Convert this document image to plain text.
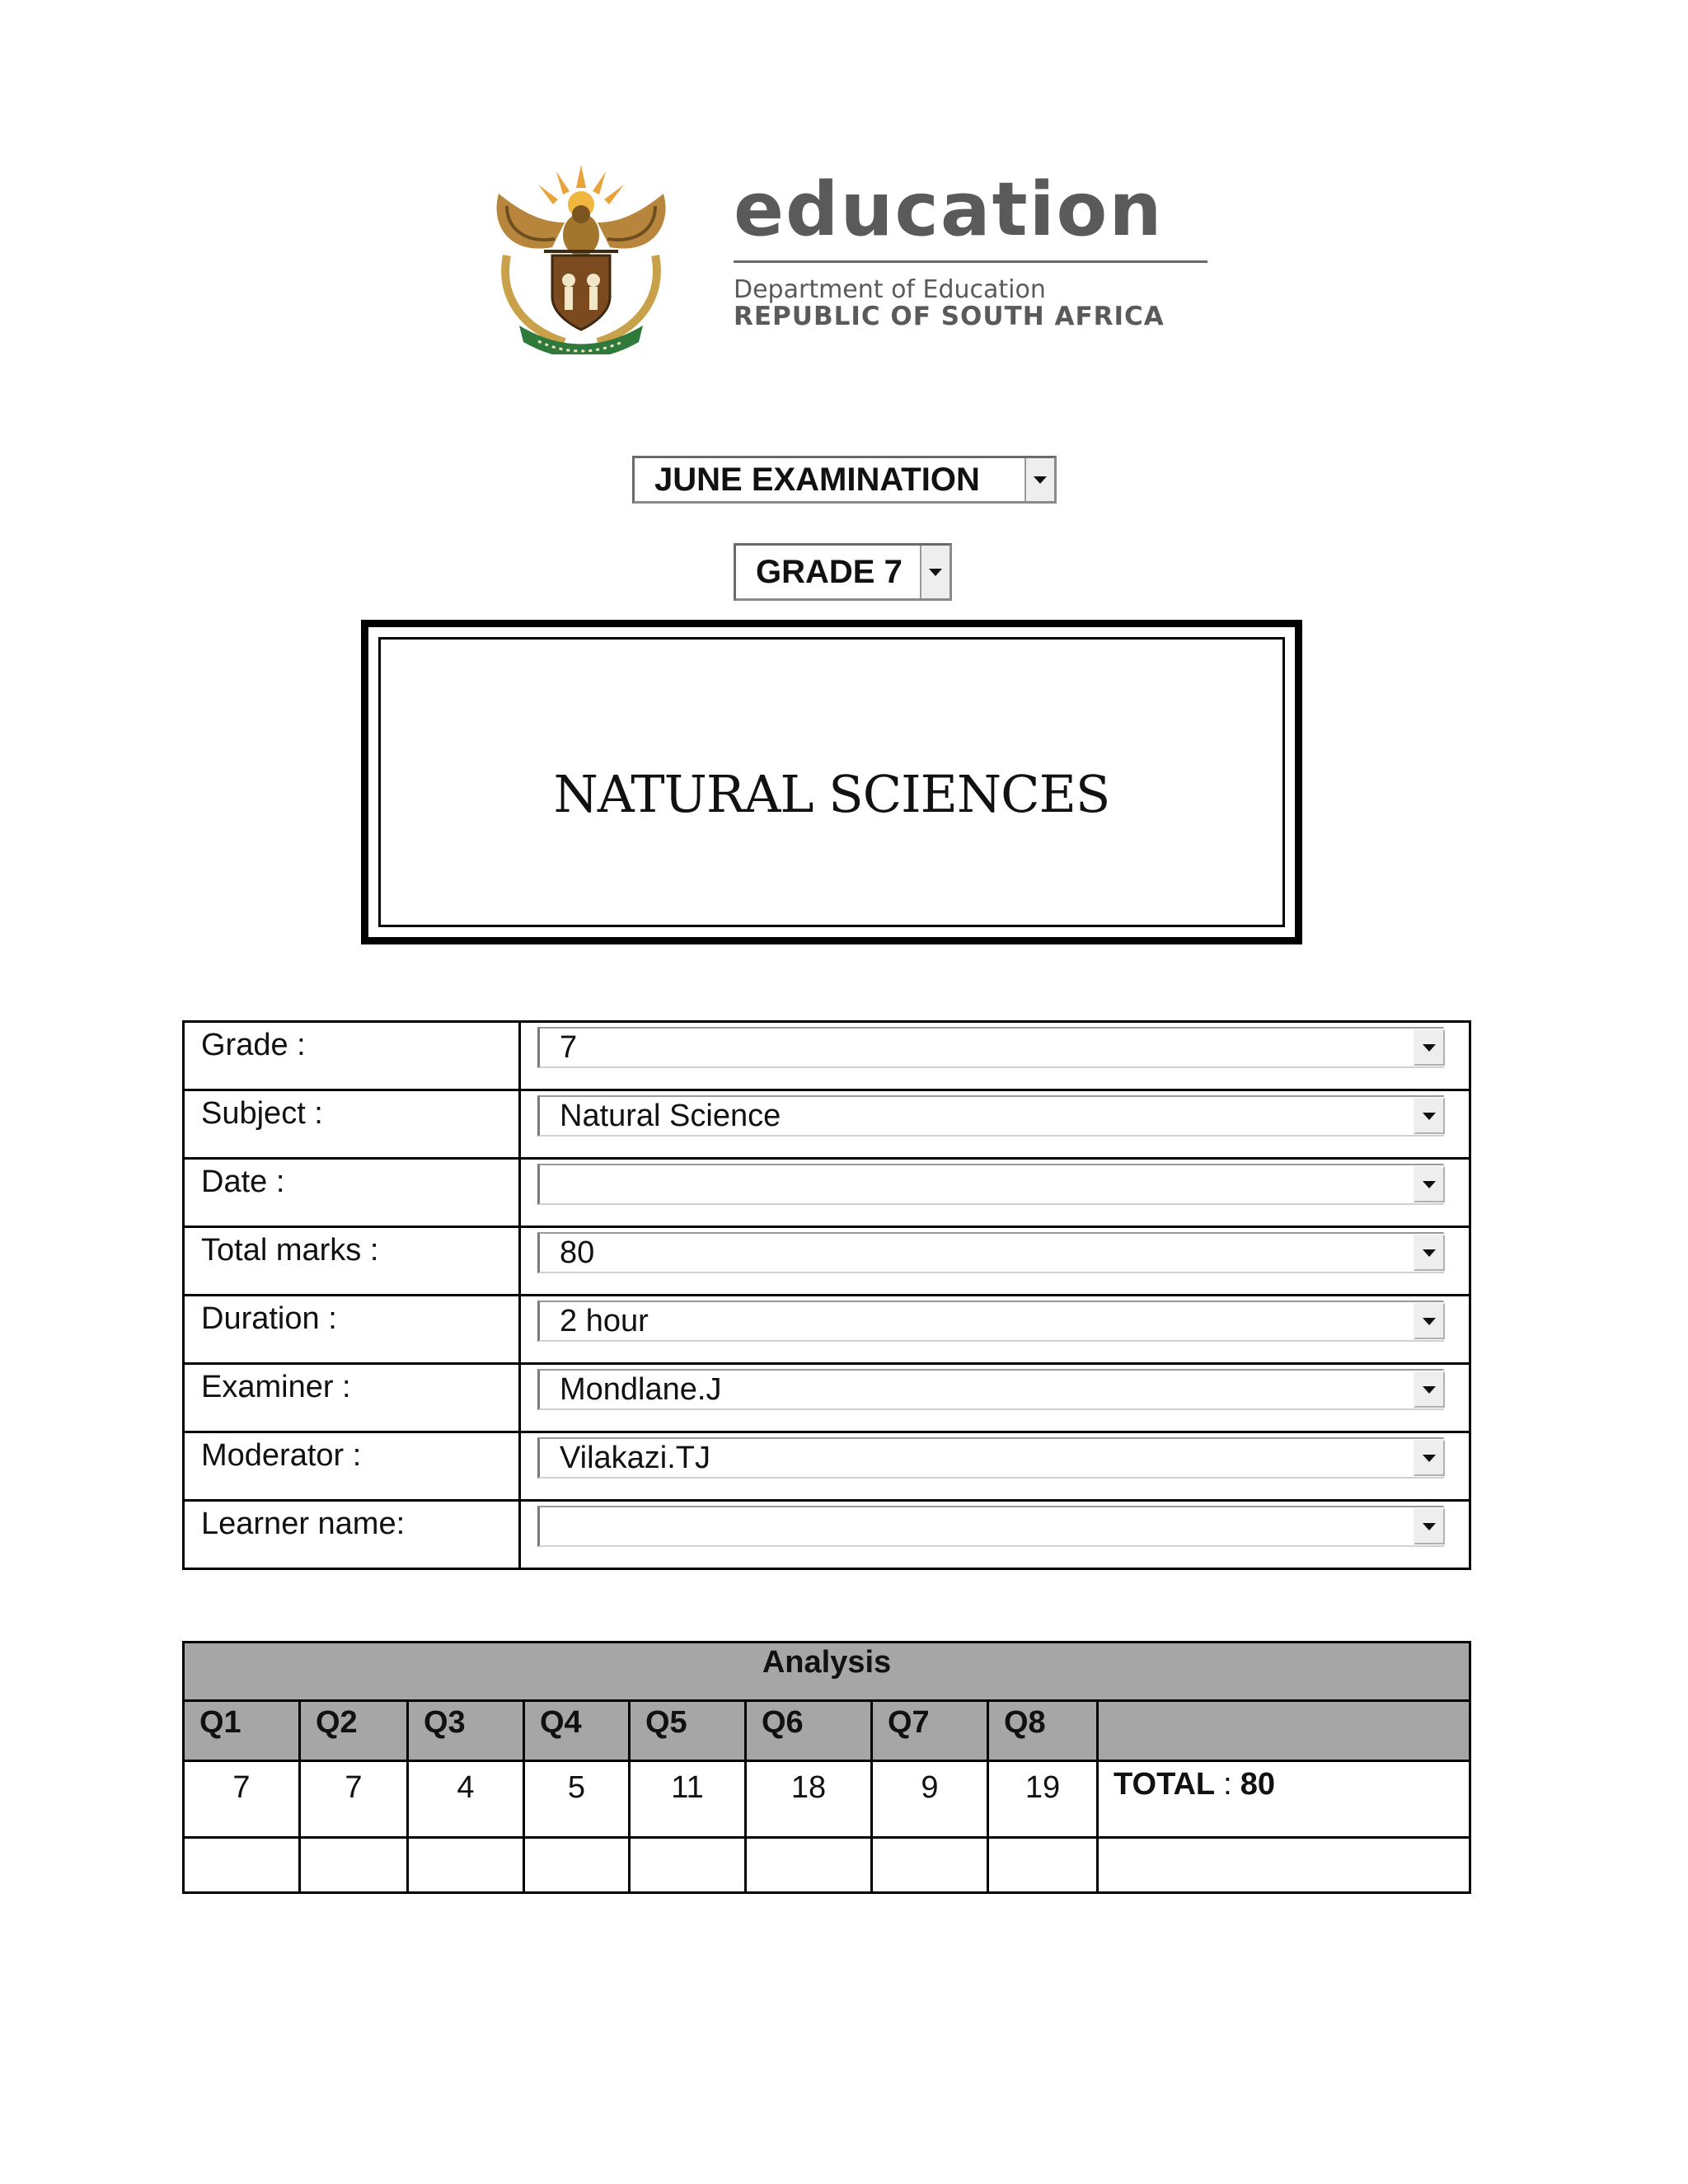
education
Department of Education
REPUBLIC OF SOUTH AFRICA
JUNE EXAMINATION
GRADE 7
NATURAL SCIENCES
Grade :	7

Subject :	Natural Science

Date :	

Total marks :	80

Duration :	2 hour

Examiner :	Mondlane.J

Moderator :	Vilakazi.TJ

Learner name:	
Analysis								
Q1	Q2	Q3	Q4	Q5	Q6	Q7	Q8	
7	7	4	5	11	18	9	19	TOTAL : 80
